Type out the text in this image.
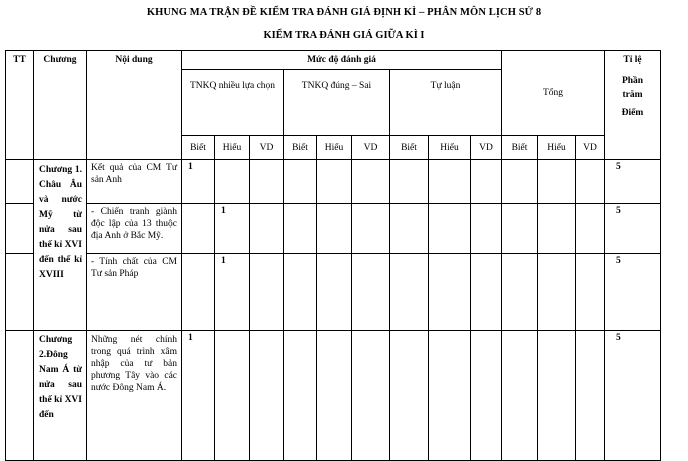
KHUNG MA TRẬN ĐỀ KIỂM TRA ĐÁNH GIÁ ĐỊNH KÌ – PHÂN MÔN LỊCH SỬ 8
KIỂM TRA ĐÁNH GIÁ GIỮA KÌ I
TT	Chương	Nội dung	Mức độ đánh giá									Tổng			Tỉ lệ
Phần trăm
Điểm

			TNKQ nhiều lựa chọn			TNKQ đúng – Sai			Tự luận						
			Biết	Hiểu	VD	Biết	Hiểu	VD	Biết	Hiểu	VD	Biết	Hiểu	VD	
	Chương 1. Châu Âu và nước Mỹ từ nửa sau thế kỉ XVI đến thế kỉ XVIII	Kết quả của CM Tư sản Anh	1												5
		- Chiến tranh giành độc lập của 13 thuộc địa Anh ở Bắc Mỹ.		1											5
		- Tính chất của CM Tư sản Pháp		1											5
	Chương 2.Đông Nam Á từ nửa sau thế kỉ XVI đến	Những nét chính trong quá trình xâm nhập của tư bản phương Tây vào các nước Đông Nam Á.	1												5
